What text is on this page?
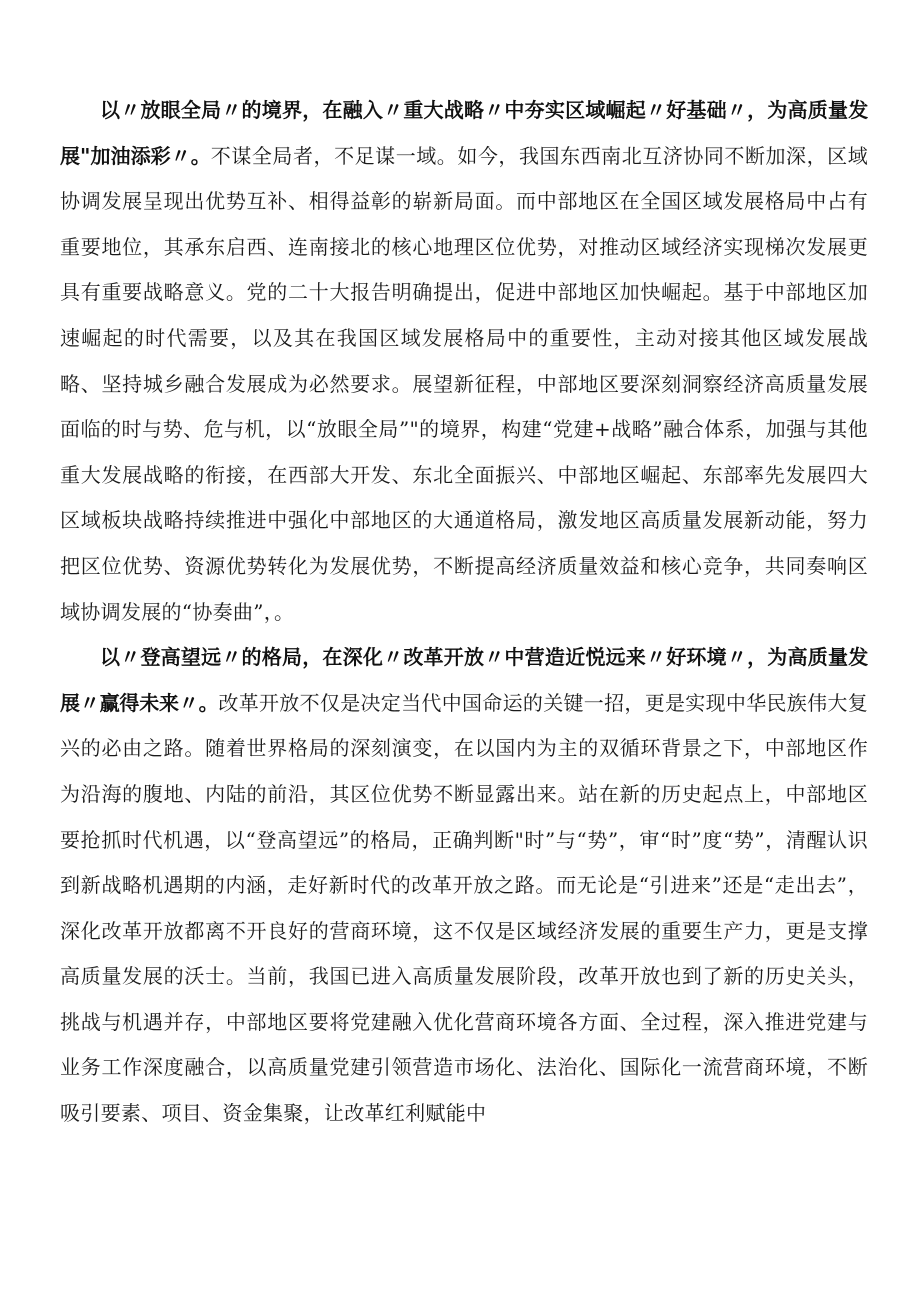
以〃放眼全局〃的境界，在融入〃重大战略〃中夯实区域崛起〃好基础〃，为高质量发展"加油添彩〃。不谋全局者，不足谋一域。如今，我国东西南北互济协同不断加深，区域协调发展呈现出优势互补、相得益彰的崭新局面。而中部地区在全国区域发展格局中占有重要地位，其承东启西、连南接北的核心地理区位优势，对推动区域经济实现梯次发展更具有重要战略意义。党的二十大报告明确提出，促进中部地区加快崛起。基于中部地区加速崛起的时代需要，以及其在我国区域发展格局中的重要性，主动对接其他区域发展战略、坚持城乡融合发展成为必然要求。展望新征程，中部地区要深刻洞察经济高质量发展面临的时与势、危与机，以“放眼全局”"的境界，构建“党建+战略”融合体系，加强与其他重大发展战略的衔接，在西部大开发、东北全面振兴、中部地区崛起、东部率先发展四大区域板块战略持续推进中强化中部地区的大通道格局，激发地区高质量发展新动能，努力把区位优势、资源优势转化为发展优势，不断提高经济质量效益和核心竞争，共同奏响区域协调发展的“协奏曲”，。

以〃登高望远〃的格局，在深化〃改革开放〃中营造近悦远来〃好环境〃，为高质量发展〃赢得未来〃。改革开放不仅是决定当代中国命运的关键一招，更是实现中华民族伟大复兴的必由之路。随着世界格局的深刻演变，在以国内为主的双循环背景之下，中部地区作为沿海的腹地、内陆的前沿，其区位优势不断显露出来。站在新的历史起点上，中部地区要抢抓时代机遇，以“登高望远”的格局，正确判断"时”与“势”，审“时”度“势”，清醒认识到新战略机遇期的内涵，走好新时代的改革开放之路。而无论是“引进来”还是“走出去”，深化改革开放都离不开良好的营商环境，这不仅是区域经济发展的重要生产力，更是支撑高质量发展的沃士。当前，我国已进入高质量发展阶段，改革开放也到了新的历史关头，挑战与机遇并存，中部地区要将党建融入优化营商环境各方面、全过程，深入推进党建与业务工作深度融合，以高质量党建引领营造市场化、法治化、国际化一流营商环境，不断吸引要素、项目、资金集聚，让改革红利赋能中
